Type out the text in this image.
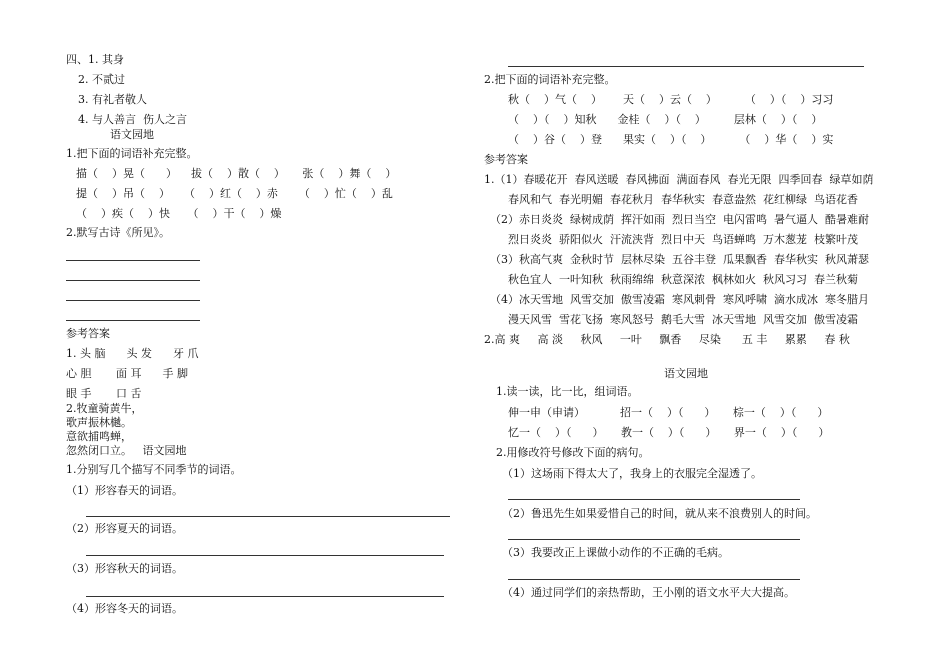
四、1. 其身
2. 不贰过
3. 有礼者敬人
4. 与人善言  伤人之言
语文园地
1.把下面的词语补充完整。
描（    ）晃（      ）    拔（    ）散（    ）     张（    ）舞（    ）
提（    ）吊（    ）    （    ）红（    ）赤      （    ）忙（    ）乱
（    ）疾（    ）快     （    ）干（    ）燥
2.默写古诗《所见》。
参考答案
1. 头 脑      头 发      牙 爪
心 胆       面 耳      手 脚
眼 手       口 舌
2.牧童骑黄牛，
歌声振林樾。
意欲捕鸣蝉，
忽然闭口立。   语文园地
1.分别写几个描写不同季节的词语。
（1）形容春天的词语。
（2）形容夏天的词语。
（3）形容秋天的词语。
（4）形容冬天的词语。
2.把下面的词语补充完整。
秋（    ）气（    ）      天（    ）云（    ）        （    ）（    ）习习
（    ）（    ）知秋      金桂（    ）（    ）        层林（    ）（    ）
（    ）谷（    ）登      果实（    ）（    ）        （    ）华（    ）实
参考答案
1.（1）春暖花开  春风送暖  春风拂面  满面春风  春光无限  四季回春  绿草如荫
春风和气  春光明媚  春花秋月  春华秋实  春意盎然  花红柳绿  鸟语花香
（2）赤日炎炎  绿树成荫  挥汗如雨  烈日当空  电闪雷鸣  暑气逼人  酷暑难耐
烈日炎炎  骄阳似火  汗流浃背  烈日中天  鸟语蝉鸣  万木葱茏  枝繁叶茂
（3）秋高气爽  金秋时节  层林尽染  五谷丰登  瓜果飘香  春华秋实  秋风萧瑟
秋色宜人  一叶知秋  秋雨绵绵  秋意深浓  枫林如火  秋风习习  春兰秋菊
（4）冰天雪地  风雪交加  傲雪凌霜  寒风刺骨  寒风呼啸  滴水成冰  寒冬腊月
漫天风雪  雪花飞扬  寒风怒号  鹅毛大雪  冰天雪地  风雪交加  傲雪凌霜
2.高 爽     高 淡     秋风     一叶     飘香     尽染      五 丰     累累     春 秋
语文园地
1.读一读，比一比，组词语。
伸一申（申请）          招一（    ）（      ）     棕一（    ）（      ）
忆一（    ）（      ）     教一（    ）（      ）     界一（    ）（      ）
2.用修改符号修改下面的病句。
（1）这场雨下得太大了，我身上的衣服完全湿透了。
（2）鲁迅先生如果爱惜自己的时间，就从来不浪费别人的时间。
（3）我要改正上课做小动作的不正确的毛病。
（4）通过同学们的亲热帮助，王小刚的语文水平大大提高。
